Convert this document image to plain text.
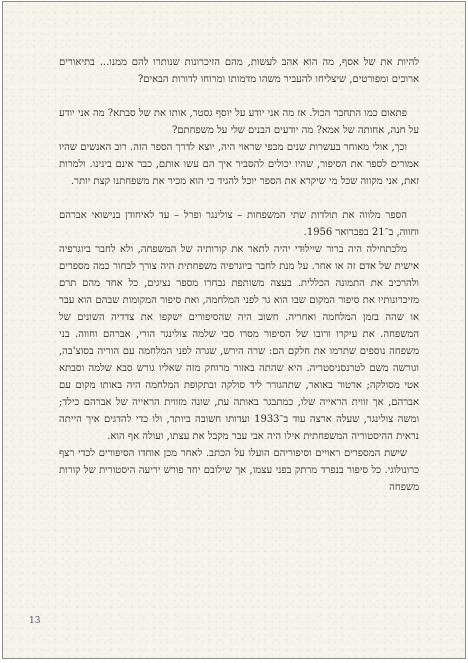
להיות את של אסף, מה הוא אהב לעשות, מהם הזיכרונות שנותרו להם ממנו... בתיאורים ארוכים ומפורטים, שיצליחו להעביר משהו מדמותו ומרוחו לדורות הבאים?

פתאום כמו התחבר הכול. אז מה אני יודע על יוסף גסטר, אותו את של סבתא? מה אני יודע על חנה, אחותה של אמא? מה יודעים הבנים שלי על משפחתם?

וכך, אולי מאוחר בעשרות שנים מכפי שראוי היה, יוצא לדרך הספר הזה. רוב האנשים שהיו אמורים לספר את הסיפור, שהיו יכולים להסביר איך הם עשו אותם, כבר אינם בינינו. ולמרות זאת, אני מקווה שכל מי שיקרא את הספר יוכל להגיד כי הוא מכיר את משפחתנו קצת יותר.

הספר מלווה את תולדות שתי המשפחות – צולינגר ופרל – עד לאיחודן בנישואי אברהם וחווה, ב־21 בפברואר 1956.

מלכתחילה היה ברור שיילוּדי יהיה לתאר את קורותיה של המשפחה, ולא לחבר ביוגרפיה אישית של אדם זה או אחר. על מנת לחבר ביוגרפיה משפחתית היה צורך לבחור כמה מספרים ולהרכיב את התמונה הכללית. בעצה משותפת נבחרו מספר נציגים, כל אחד מהם תרם מזיכרונותיו את סיפור המקום שבו הוא גר לפני המלחמה, ואת סיפור המקומות שבהם הוא עבר או שהה בזמן המלחמה ואחריה. חשוב היה שהסיפורים ישקפו את צדדיה השונים של המשפחה. את עיקרו ורובו של הסיפור מסרו סבי שלמה צולינגר הורי, אברהם וחווה. בני משפחה נוספים שתרמו את חלקם הם: שרה הירש, שגרה לפני המלחמה עם הוריה בסוצ'בה, וגורשה משם לטרנסניסטריה. היא שהתה באזור מרוחק מזה שאליו גורש סבא שלמה וסבתא אטי מסולקה; ארטור באואר, שתהגורר ליד סולקה ובתקופת המלחמה היה באותו מקום עם אברהם, אך זווית הראייה שלו, כמתבגר באותה עת, שונה מזווית הראייה של אברהם כילד; ומשה צולינגר, שעלה ארצה עוד ב־1933 ועדותו חשובה ביותר, ולו כדי להדגים איך הייתה נראית ההיסטוריה המשפחתית אילו היה אבי עבר מקבל את עצתו, ועולה אף הוא.

שישת המספרים ראויים וסיפוריהם הועלו על הכתב. לאחר מכן אוחדו הסיפורים לכדי רצף כרונולוגי. כל סיפור בנפרד מרתק בפני עצמו, אך שילובם יחד פורש יריעה היסטורית של קורות משפחה

13
